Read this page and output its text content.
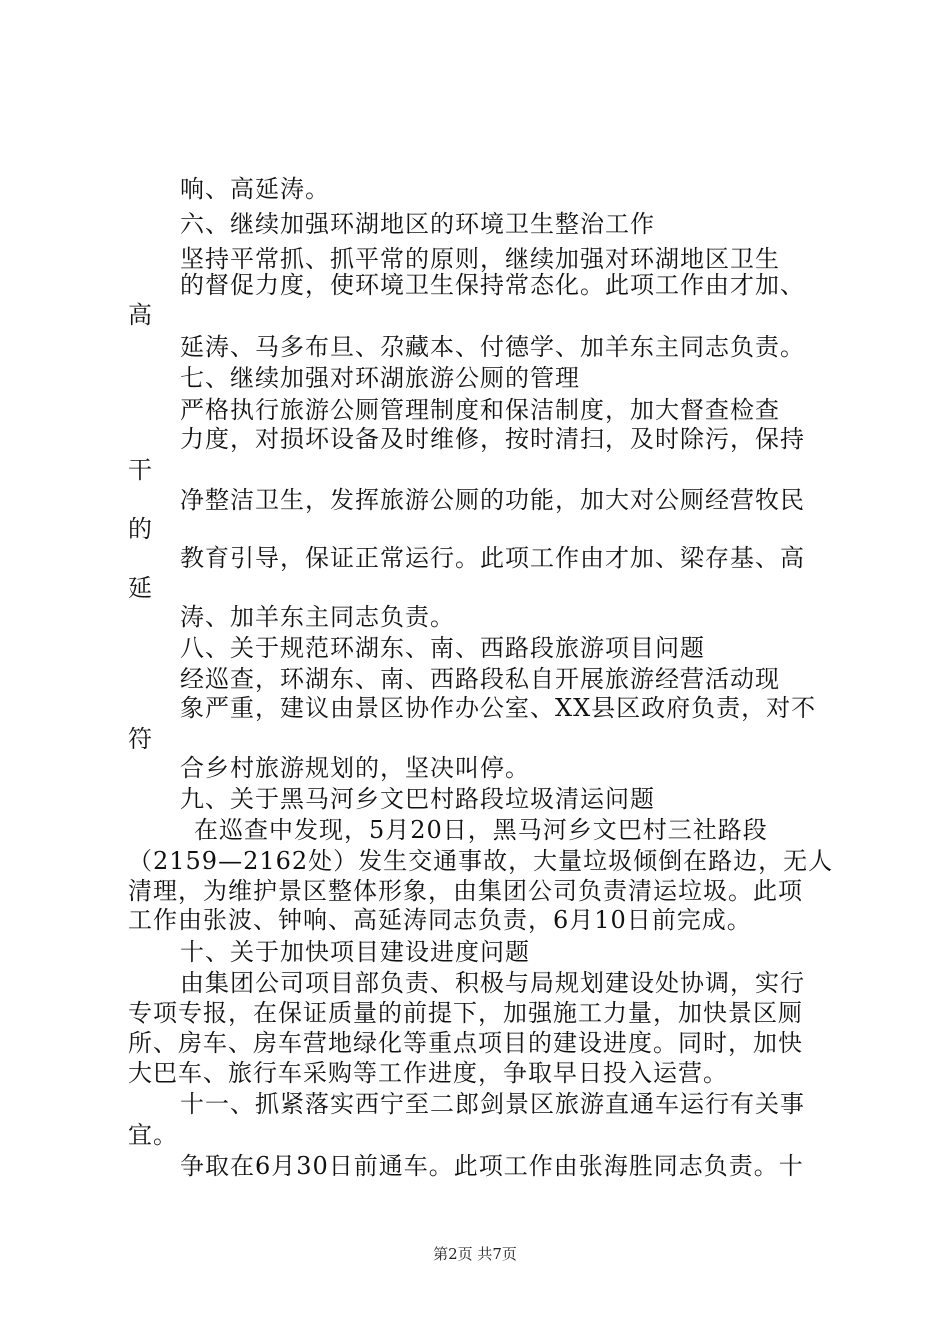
响、高延涛。
六、继续加强环湖地区的环境卫生整治工作
坚持平常抓、抓平常的原则，继续加强对环湖地区卫生
的督促力度，使环境卫生保持常态化。此项工作由才加、
高
延涛、马多布旦、尕藏本、付德学、加羊东主同志负责。
七、继续加强对环湖旅游公厕的管理
严格执行旅游公厕管理制度和保洁制度，加大督查检查
力度，对损坏设备及时维修，按时清扫，及时除污，保持
干
净整洁卫生，发挥旅游公厕的功能，加大对公厕经营牧民
的
教育引导，保证正常运行。此项工作由才加、梁存基、高
延
涛、加羊东主同志负责。
八、关于规范环湖东、南、西路段旅游项目问题
经巡查，环湖东、南、西路段私自开展旅游经营活动现
象严重，建议由景区协作办公室、XX县区政府负责，对不
符
合乡村旅游规划的，坚决叫停。
九、关于黑马河乡文巴村路段垃圾清运问题
在巡查中发现，5月20日，黑马河乡文巴村三社路段
（2159—2162处）发生交通事故，大量垃圾倾倒在路边，无人
清理，为维护景区整体形象，由集团公司负责清运垃圾。此项
工作由张波、钟响、高延涛同志负责，6月10日前完成。
十、关于加快项目建设进度问题
由集团公司项目部负责、积极与局规划建设处协调，实行
专项专报，在保证质量的前提下，加强施工力量，加快景区厕
所、房车、房车营地绿化等重点项目的建设进度。同时，加快
大巴车、旅行车采购等工作进度，争取早日投入运营。
十一、抓紧落实西宁至二郎剑景区旅游直通车运行有关事
宜。
争取在6月30日前通车。此项工作由张海胜同志负责。十
第2页 共7页
